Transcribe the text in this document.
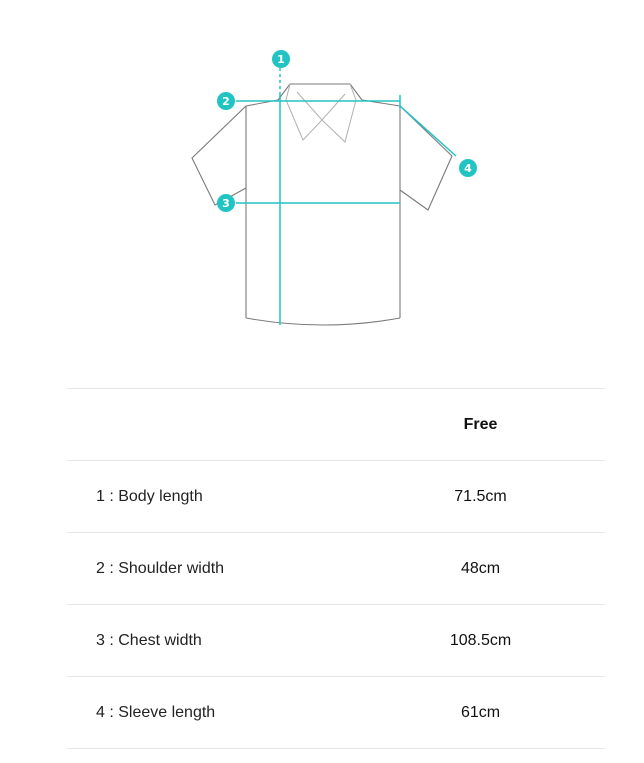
1
2
3
4
	Free
1 : Body length	71.5cm
2 : Shoulder width	48cm
3 : Chest width	108.5cm
4 : Sleeve length	61cm
